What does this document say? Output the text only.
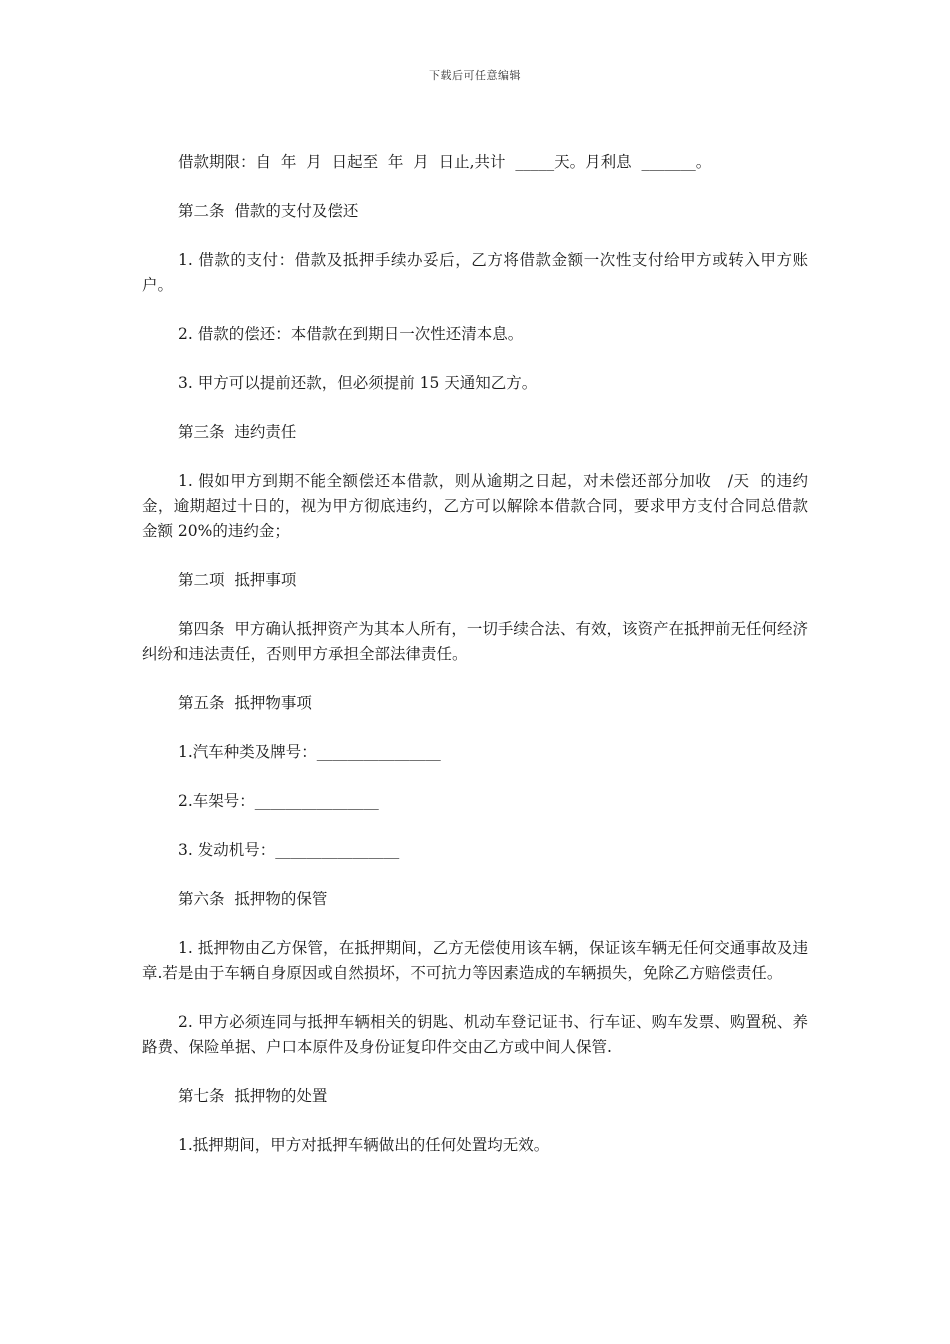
下载后可任意编辑

借款期限：自  年  月  日起至  年  月  日止,共计  _____天。月利息  _______。

第二条  借款的支付及偿还

1. 借款的支付：借款及抵押手续办妥后，乙方将借款金额一次性支付给甲方或转入甲方账户。

2. 借款的偿还：本借款在到期日一次性还清本息。

3. 甲方可以提前还款，但必须提前 15 天通知乙方。

第三条  违约责任

1. 假如甲方到期不能全额偿还本借款，则从逾期之日起，对未偿还部分加收   /天  的违约金，逾期超过十日的，视为甲方彻底违约，乙方可以解除本借款合同，要求甲方支付合同总借款金额 20%的违约金；

第二项  抵押事项

第四条  甲方确认抵押资产为其本人所有，一切手续合法、有效，该资产在抵押前无任何经济纠纷和违法责任，否则甲方承担全部法律责任。

第五条  抵押物事项

1.汽车种类及牌号：________________

2.车架号：________________

3. 发动机号：________________

第六条  抵押物的保管

1. 抵押物由乙方保管，在抵押期间，乙方无偿使用该车辆，保证该车辆无任何交通事故及违章.若是由于车辆自身原因或自然损坏，不可抗力等因素造成的车辆损失，免除乙方赔偿责任。

2. 甲方必须连同与抵押车辆相关的钥匙、机动车登记证书、行车证、购车发票、购置税、养路费、保险单据、户口本原件及身份证复印件交由乙方或中间人保管.

第七条  抵押物的处置

1.抵押期间，甲方对抵押车辆做出的任何处置均无效。
